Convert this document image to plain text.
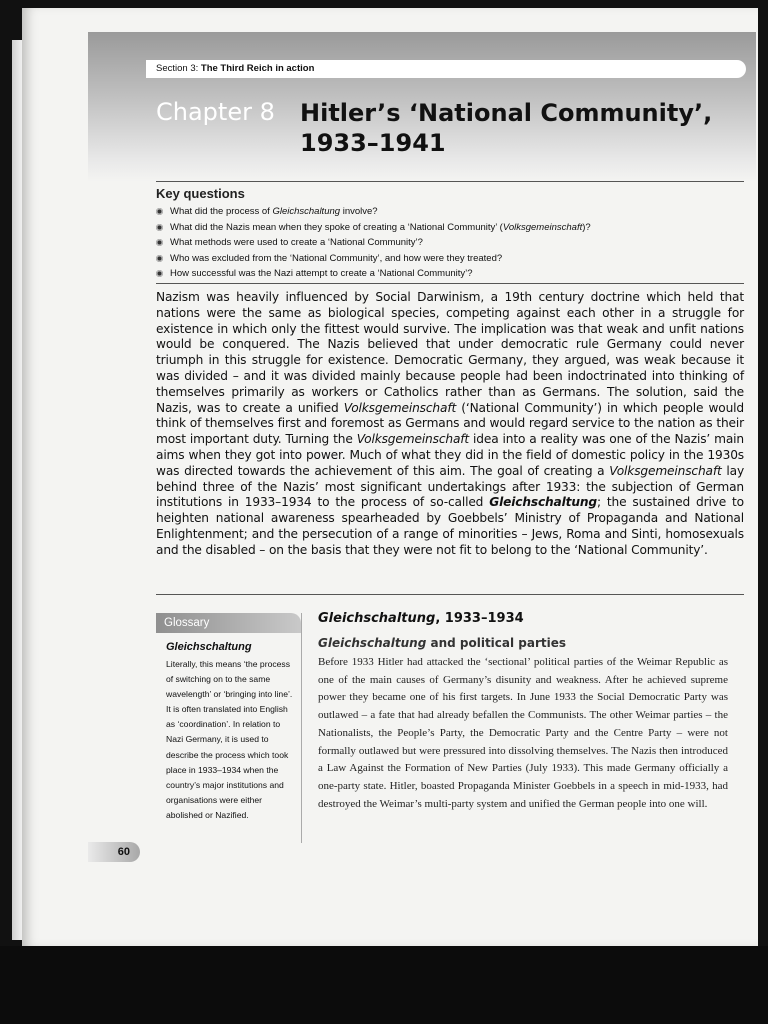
Section 3: The Third Reich in action
Chapter 8 Hitler’s ‘National Community’,
1933–1941
Key questions
What did the process of Gleichschaltung involve?
What did the Nazis mean when they spoke of creating a ‘National Community’ (Volksgemeinschaft)?
What methods were used to create a ‘National Community’?
Who was excluded from the ‘National Community’, and how were they treated?
How successful was the Nazi attempt to create a ‘National Community’?

Nazism was heavily influenced by Social Darwinism, a 19th century doctrine which held that nations were the same as biological species, competing against each other in a struggle for existence in which only the fittest would survive. The implication was that weak and unfit nations would be conquered. The Nazis believed that under democratic rule Germany could never triumph in this struggle for existence. Democratic Germany, they argued, was weak because it was divided – and it was divided mainly because people had been indoctrinated into thinking of themselves primarily as workers or Catholics rather than as Germans. The solution, said the Nazis, was to create a unified Volksgemeinschaft (‘National Community’) in which people would think of themselves first and foremost as Germans and would regard service to the nation as their most important duty. Turning the Volksgemeinschaft idea into a reality was one of the Nazis’ main aims when they got into power. Much of what they did in the field of domestic policy in the 1930s was directed towards the achievement of this aim. The goal of creating a Volksgemeinschaft lay behind three of the Nazis’ most significant undertakings after 1933: the subjection of German institutions in 1933–1934 to the process of so-called Gleichschaltung; the sustained drive to heighten national awareness spearheaded by Goebbels’ Ministry of Propaganda and National Enlightenment; and the persecution of a range of minorities – Jews, Roma and Sinti, homosexuals and the disabled – on the basis that they were not fit to belong to the ‘National Community’.

Glossary
Gleichschaltung
Literally, this means ‘the process of switching on to the same wavelength’ or ‘bringing into line’. It is often translated into English as ‘coordination’. In relation to Nazi Germany, it is used to describe the process which took place in 1933–1934 when the country’s major institutions and organisations were either abolished or Nazified.
Gleichschaltung, 1933–1934
Gleichschaltung and political parties

Before 1933 Hitler had attacked the ‘sectional’ political parties of the Weimar Republic as one of the main causes of Germany’s disunity and weakness. After he achieved supreme power they became one of his first targets. In June 1933 the Social Democratic Party was outlawed – a fate that had already befallen the Communists. The other Weimar parties – the Nationalists, the People’s Party, the Democratic Party and the Centre Party – were not formally outlawed but were pressured into dissolving themselves. The Nazis then introduced a Law Against the Formation of New Parties (July 1933). This made Germany officially a one-party state. Hitler, boasted Propaganda Minister Goebbels in a speech in mid-1933, had destroyed the Weimar’s multi-party system and unified the German people into one will.

60
